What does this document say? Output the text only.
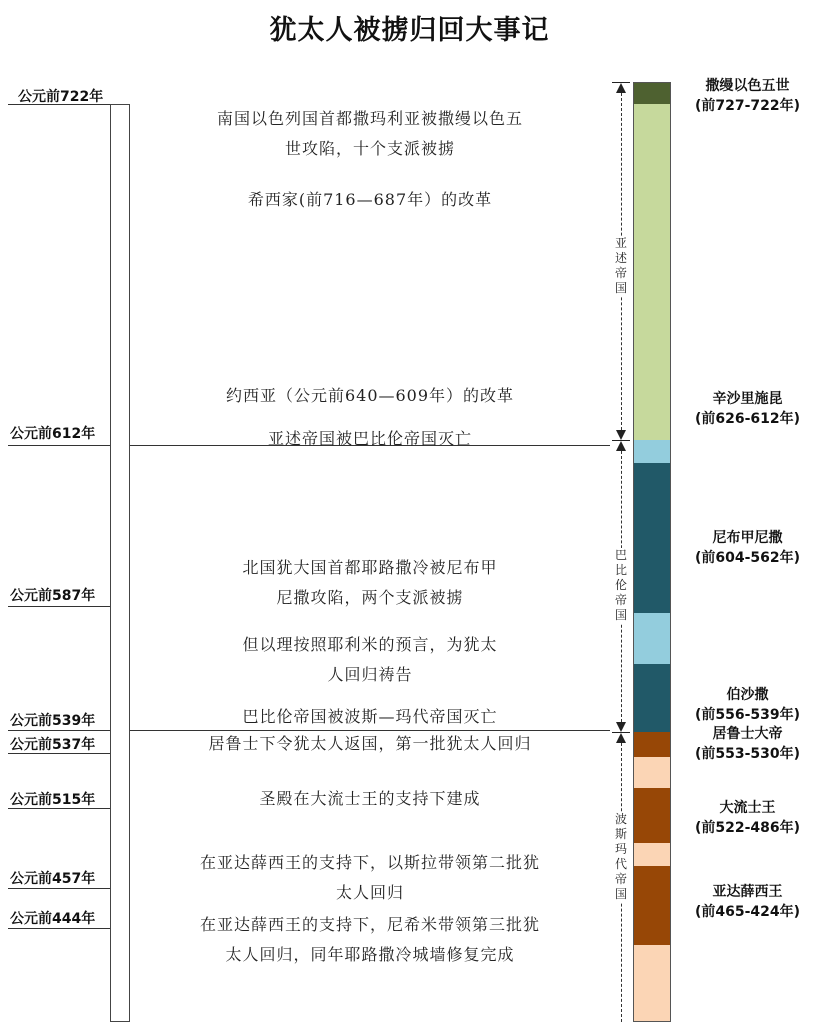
犹太人被掳归回大事记
公元前722年
公元前612年
公元前587年
公元前539年
公元前537年
公元前515年
公元前457年
公元前444年
南国以色列国首都撒玛利亚被撒缦以色五
世攻陷，十个支派被掳
希西家(前716—687年）的改革
约西亚（公元前640—609年）的改革
亚述帝国被巴比伦帝国灭亡
北国犹大国首都耶路撒冷被尼布甲
尼撒攻陷，两个支派被掳
但以理按照耶利米的预言，为犹太
人回归祷告
巴比伦帝国被波斯—玛代帝国灭亡
居鲁士下令犹太人返国，第一批犹太人回归
圣殿在大流士王的支持下建成
在亚达薛西王的支持下，以斯拉带领第二批犹
太人回归
在亚达薛西王的支持下，尼希米带领第三批犹
太人回归，同年耶路撒冷城墙修复完成
亚述帝国
巴比伦帝国
波斯玛代帝国
撒缦以色五世
(前727-722年)
辛沙里施昆
(前626-612年)
尼布甲尼撒
(前604-562年)
伯沙撒
(前556-539年)
居鲁士大帝
(前553-530年)
大流士王
(前522-486年)
亚达薛西王
(前465-424年)
